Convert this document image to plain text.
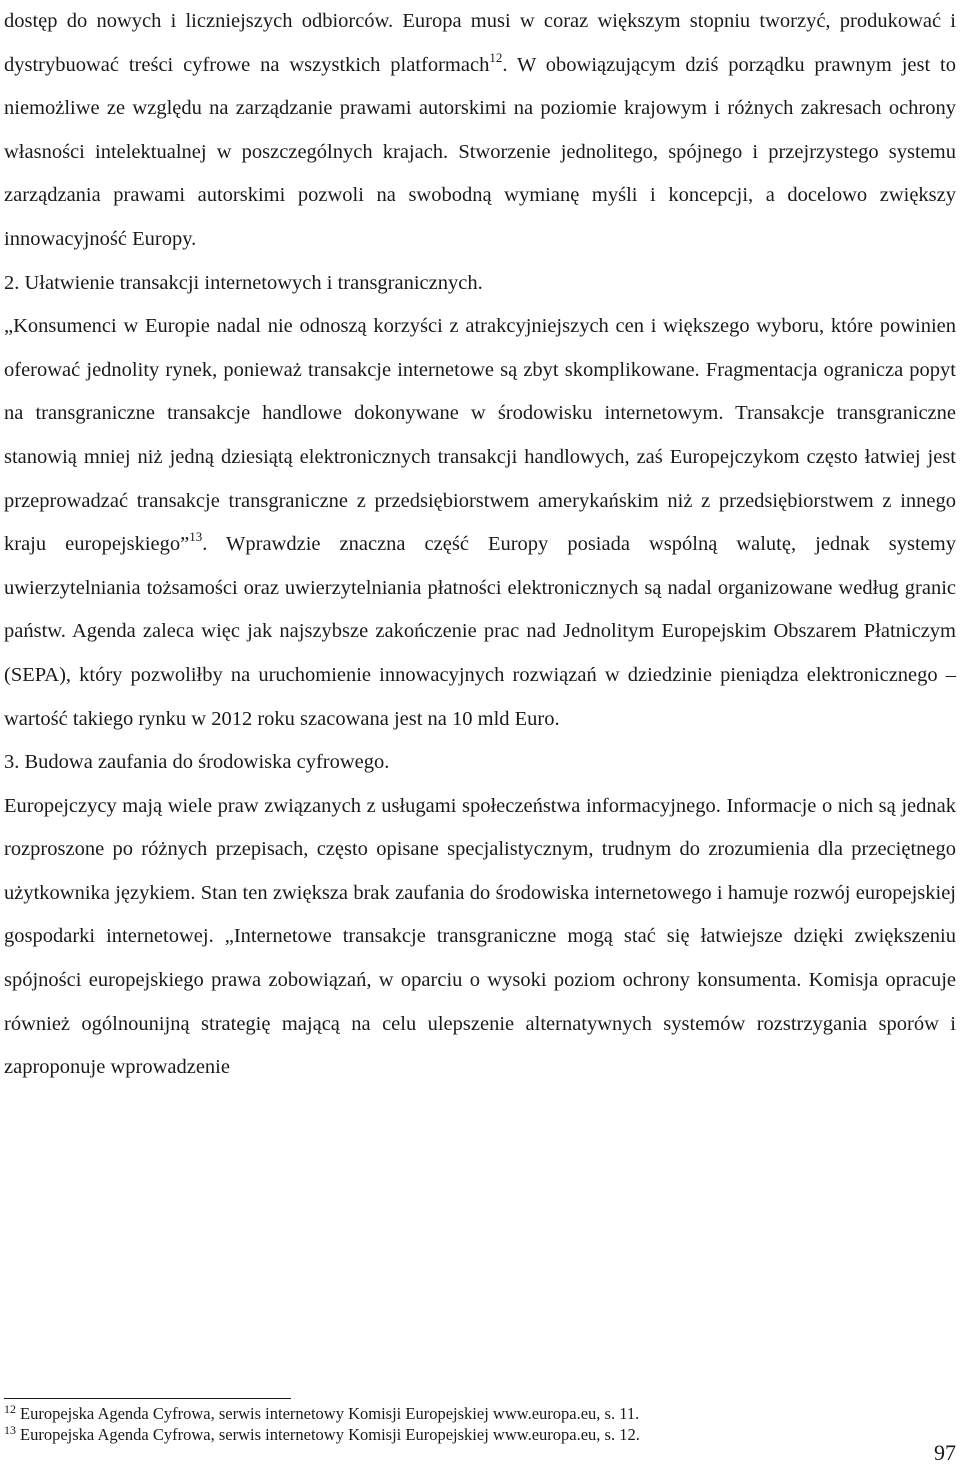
dostęp do nowych i liczniejszych odbiorców. Europa musi w coraz większym stopniu tworzyć, produkować i dystrybuować treści cyfrowe na wszystkich platformach$^{12}$. W obowiązującym dziś porządku prawnym jest to niemożliwe ze względu na zarządzanie prawami autorskimi na poziomie krajowym i różnych zakresach ochrony własności intelektualnej w poszczególnych krajach. Stworzenie jednolitego, spójnego i przejrzystego systemu zarządzania prawami autorskimi pozwoli na swobodną wymianę myśli i koncepcji, a docelowo zwiększy innowacyjność Europy.

2. Ułatwienie transakcji internetowych i transgranicznych.

„Konsumenci w Europie nadal nie odnoszą korzyści z atrakcyjniejszych cen i większego wyboru, które powinien oferować jednolity rynek, ponieważ transakcje internetowe są zbyt skomplikowane. Fragmentacja ogranicza popyt na transgraniczne transakcje handlowe dokonywane w środowisku internetowym. Transakcje transgraniczne stanowią mniej niż jedną dziesiątą elektronicznych transakcji handlowych, zaś Europejczykom często łatwiej jest przeprowadzać transakcje transgraniczne z przedsiębiorstwem amerykańskim niż z przedsiębiorstwem z innego kraju europejskiego”$^{13}$. Wprawdzie znaczna część Europy posiada wspólną walutę, jednak systemy uwierzytelniania tożsamości oraz uwierzytelniania płatności elektronicznych są nadal organizowane według granic państw. Agenda zaleca więc jak najszybsze zakończenie prac nad Jednolitym Europejskim Obszarem Płatniczym (SEPA), który pozwoliłby na uruchomienie innowacyjnych rozwiązań w dziedzinie pieniądza elektronicznego – wartość takiego rynku w 2012 roku szacowana jest na 10 mld Euro.

3. Budowa zaufania do środowiska cyfrowego.

Europejczycy mają wiele praw związanych z usługami społeczeństwa informacyjnego. Informacje o nich są jednak rozproszone po różnych przepisach, często opisane specjalistycznym, trudnym do zrozumienia dla przeciętnego użytkownika językiem. Stan ten zwiększa brak zaufania do środowiska internetowego i hamuje rozwój europejskiej gospodarki internetowej. „Internetowe transakcje transgraniczne mogą stać się łatwiejsze dzięki zwiększeniu spójności europejskiego prawa zobowiązań, w oparciu o wysoki poziom ochrony konsumenta. Komisja opracuje również ogólnounijną strategię mającą na celu ulepszenie alternatywnych systemów rozstrzygania sporów i zaproponuje wprowadzenie

$^{12}$ Europejska Agenda Cyfrowa, serwis internetowy Komisji Europejskiej www.europa.eu, s. 11.

$^{13}$ Europejska Agenda Cyfrowa, serwis internetowy Komisji Europejskiej www.europa.eu, s. 12.

97
